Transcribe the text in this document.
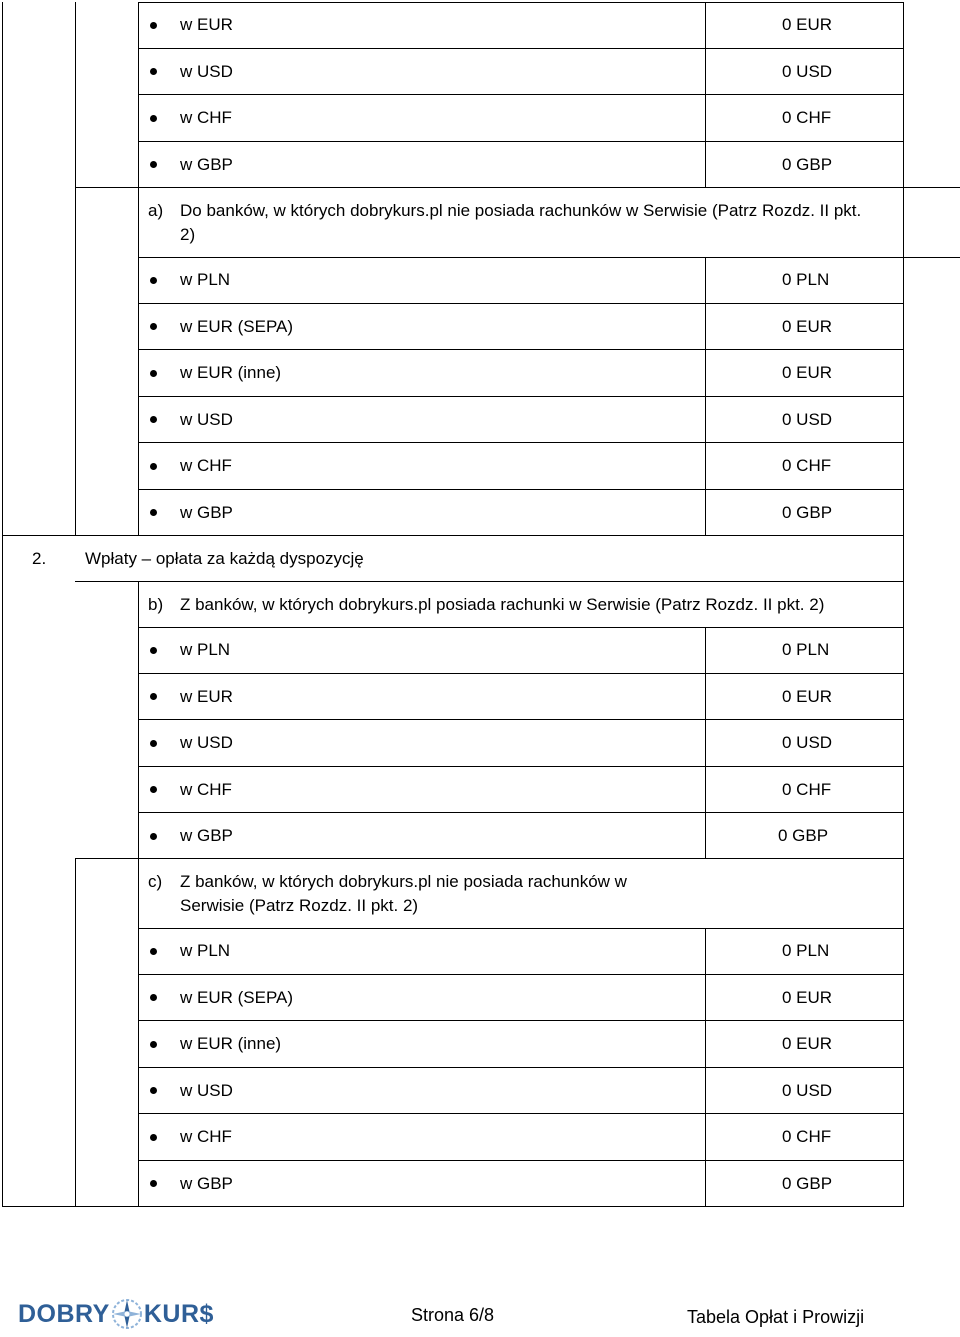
w EUR	0 EUR
w USD	0 USD
w CHF	0 CHF
w GBP	0 GBP
a) Do banków, w których dobrykurs.pl nie posiada rachunków w Serwisie (Patrz Rozdz. II pkt.
2)
w PLN	0 PLN
w EUR (SEPA)	0 EUR
w EUR (inne)	0 EUR
w USD	0 USD
w CHF	0 CHF
w GBP	0 GBP
2. Wpłaty – opłata za każdą dyspozycję
b) Z banków, w których dobrykurs.pl posiada rachunki w Serwisie (Patrz Rozdz. II pkt. 2)
w PLN	0 PLN
w EUR	0 EUR
w USD	0 USD
w CHF	0 CHF
w GBP	0 GBP
c) Z banków, w których dobrykurs.pl nie posiada rachunków w
Serwisie (Patrz Rozdz. II pkt. 2)
w PLN	0 PLN
w EUR (SEPA)	0 EUR
w EUR (inne)	0 EUR
w USD	0 USD
w CHF	0 CHF
w GBP	0 GBP
DOBRY KUR$	Strona 6/8	Tabela Opłat i Prowizji
